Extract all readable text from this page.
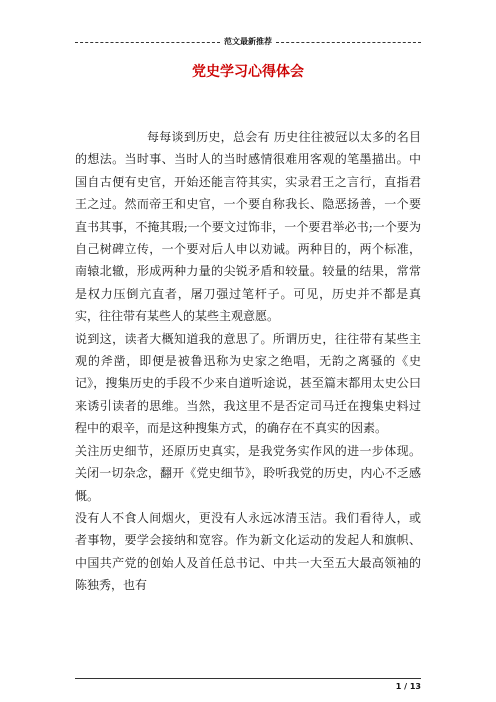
范文最新推荐
党史学习心得体会

每每谈到历史，总会有 历史往往被冠以太多的名目的想法。当时事、当时人的当时感情很难用客观的笔墨描出。中国自古便有史官，开始还能言符其实，实录君王之言行，直指君王之过。然而帝王和史官，一个要自称我长、隐恶扬善，一个要直书其事，不掩其瑕;一个要文过饰非，一个要君举必书;一个要为自己树碑立传，一个要对后人申以劝诫。两种目的，两个标准，南辕北辙，形成两种力量的尖锐矛盾和较量。较量的结果，常常是权力压倒亢直者，屠刀强过笔杆子。可见，历史并不都是真实，往往带有某些人的某些主观意愿。

说到这，读者大概知道我的意思了。所谓历史，往往带有某些主观的斧凿，即便是被鲁迅称为史家之绝唱，无韵之离骚的《史记》，搜集历史的手段不少来自道听途说，甚至篇末都用太史公曰来诱引读者的思维。当然，我这里不是否定司马迁在搜集史料过程中的艰辛，而是这种搜集方式，的确存在不真实的因素。

关注历史细节，还原历史真实，是我党务实作风的进一步体现。关闭一切杂念，翻开《党史细节》，聆听我党的历史，内心不乏感慨。

没有人不食人间烟火，更没有人永远冰清玉洁。我们看待人，或者事物，要学会接纳和宽容。作为新文化运动的发起人和旗帜、中国共产党的创始人及首任总书记、中共一大至五大最高领袖的陈独秀，也有

1 / 13
